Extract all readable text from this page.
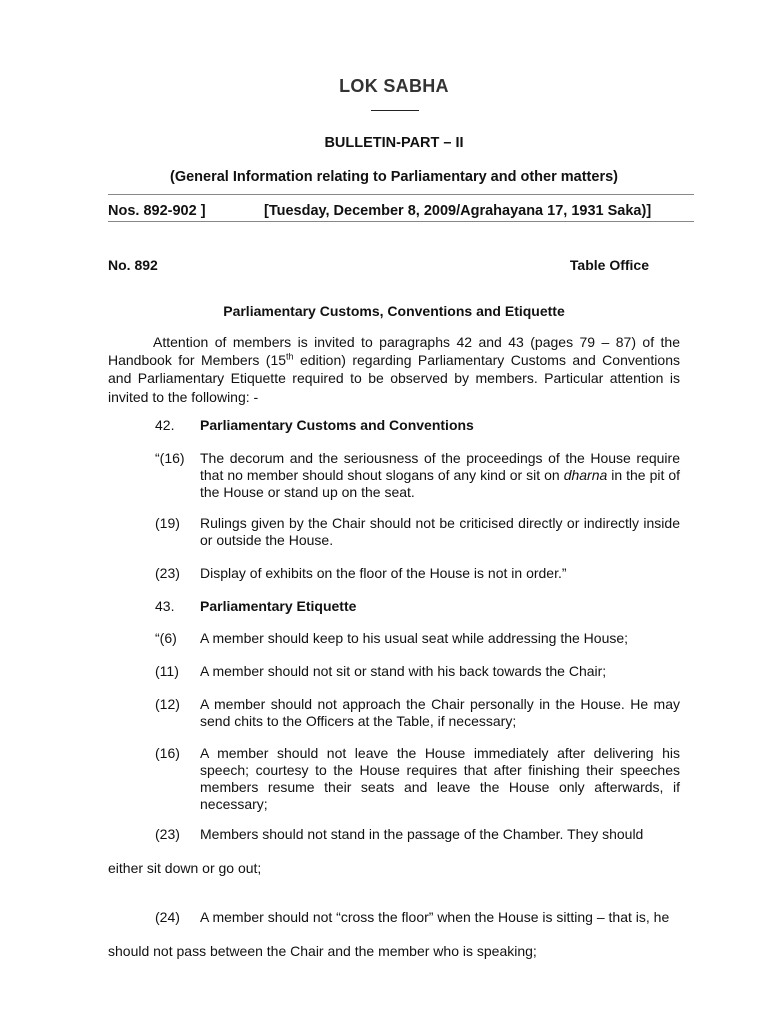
LOK SABHA
BULLETIN-PART – II
(General Information relating to Parliamentary and other matters)
Nos. 892-902 ]	[Tuesday, December 8, 2009/Agrahayana 17, 1931 Saka)]
No. 892	Table Office
Parliamentary Customs, Conventions and Etiquette
Attention of members is invited to paragraphs 42 and 43 (pages 79 – 87) of the Handbook for Members (15th edition) regarding Parliamentary Customs and Conventions and Parliamentary Etiquette required to be observed by members. Particular attention is invited to the following: -
42. Parliamentary Customs and Conventions
“(16) The decorum and the seriousness of the proceedings of the House require that no member should shout slogans of any kind or sit on dharna in the pit of the House or stand up on the seat.
(19) Rulings given by the Chair should not be criticised directly or indirectly inside or outside the House.
(23) Display of exhibits on the floor of the House is not in order.”
43. Parliamentary Etiquette
“(6) A member should keep to his usual seat while addressing the House;
(11) A member should not sit or stand with his back towards the Chair;
(12) A member should not approach the Chair personally in the House. He may send chits to the Officers at the Table, if necessary;
(16) A member should not leave the House immediately after delivering his speech; courtesy to the House requires that after finishing their speeches members resume their seats and leave the House only afterwards, if necessary;
(23) Members should not stand in the passage of the Chamber. They should
either sit down or go out;
(24) A member should not “cross the floor” when the House is sitting – that is, he
should not pass between the Chair and the member who is speaking;
